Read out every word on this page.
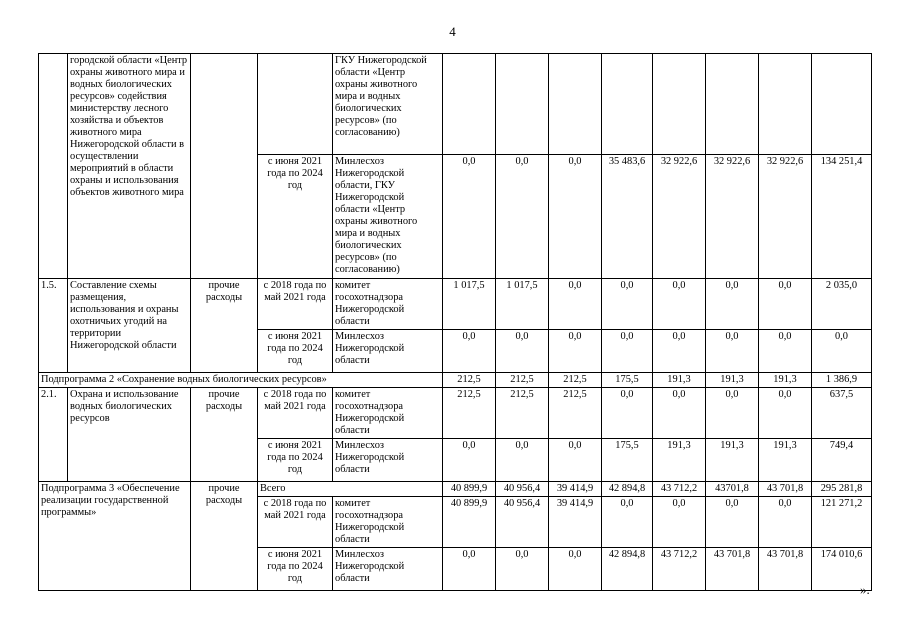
4
	городской области «Центр охраны животного мира и водных биологических ресурсов» содействия министерству лесного хозяйства и объектов животного мира Нижегородской области в осуществлении мероприятий в области охраны и использования объектов животного мира			ГКУ Нижегородской области «Центр охраны животного мира и водных биологических ресурсов» (по согласованию)								
			с июня 2021 года по 2024 год	Минлесхоз Нижегородской области, ГКУ Нижегородской области «Центр охраны животного мира и водных биологических ресурсов» (по согласованию)	0,0	0,0	0,0	35 483,6	32 922,6	32 922,6	32 922,6	134 251,4
1.5.	Составление схемы размещения, использования и охраны охотничьих угодий на территории Нижегородской области	прочие расходы	с 2018 года по май 2021 года	комитет госохотнадзора Нижегородской области	1 017,5	1 017,5	0,0	0,0	0,0	0,0	0,0	2 035,0
			с июня 2021 года по 2024 год	Минлесхоз Нижегородской области	0,0	0,0	0,0	0,0	0,0	0,0	0,0	0,0
Подпрограмма 2 «Сохранение водных биологических ресурсов»					212,5	212,5	212,5	175,5	191,3	191,3	191,3	1 386,9
2.1.	Охрана и использование водных биологических ресурсов	прочие расходы	с 2018 года по май 2021 года	комитет госохотнадзора Нижегородской области	212,5	212,5	212,5	0,0	0,0	0,0	0,0	637,5
			с июня 2021 года по 2024 год	Минлесхоз Нижегородской области	0,0	0,0	0,0	175,5	191,3	191,3	191,3	749,4
Подпрограмма 3 «Обеспечение реализации государственной программы»		прочие расходы	Всего		40 899,9	40 956,4	39 414,9	42 894,8	43 712,2	43701,8	43 701,8	295 281,8
			с 2018 года по май 2021 года	комитет госохотнадзора Нижегородской области	40 899,9	40 956,4	39 414,9	0,0	0,0	0,0	0,0	121 271,2
			с июня 2021 года по 2024 год	Минлесхоз Нижегородской области	0,0	0,0	0,0	42 894,8	43 712,2	43 701,8	43 701,8	174 010,6
».
